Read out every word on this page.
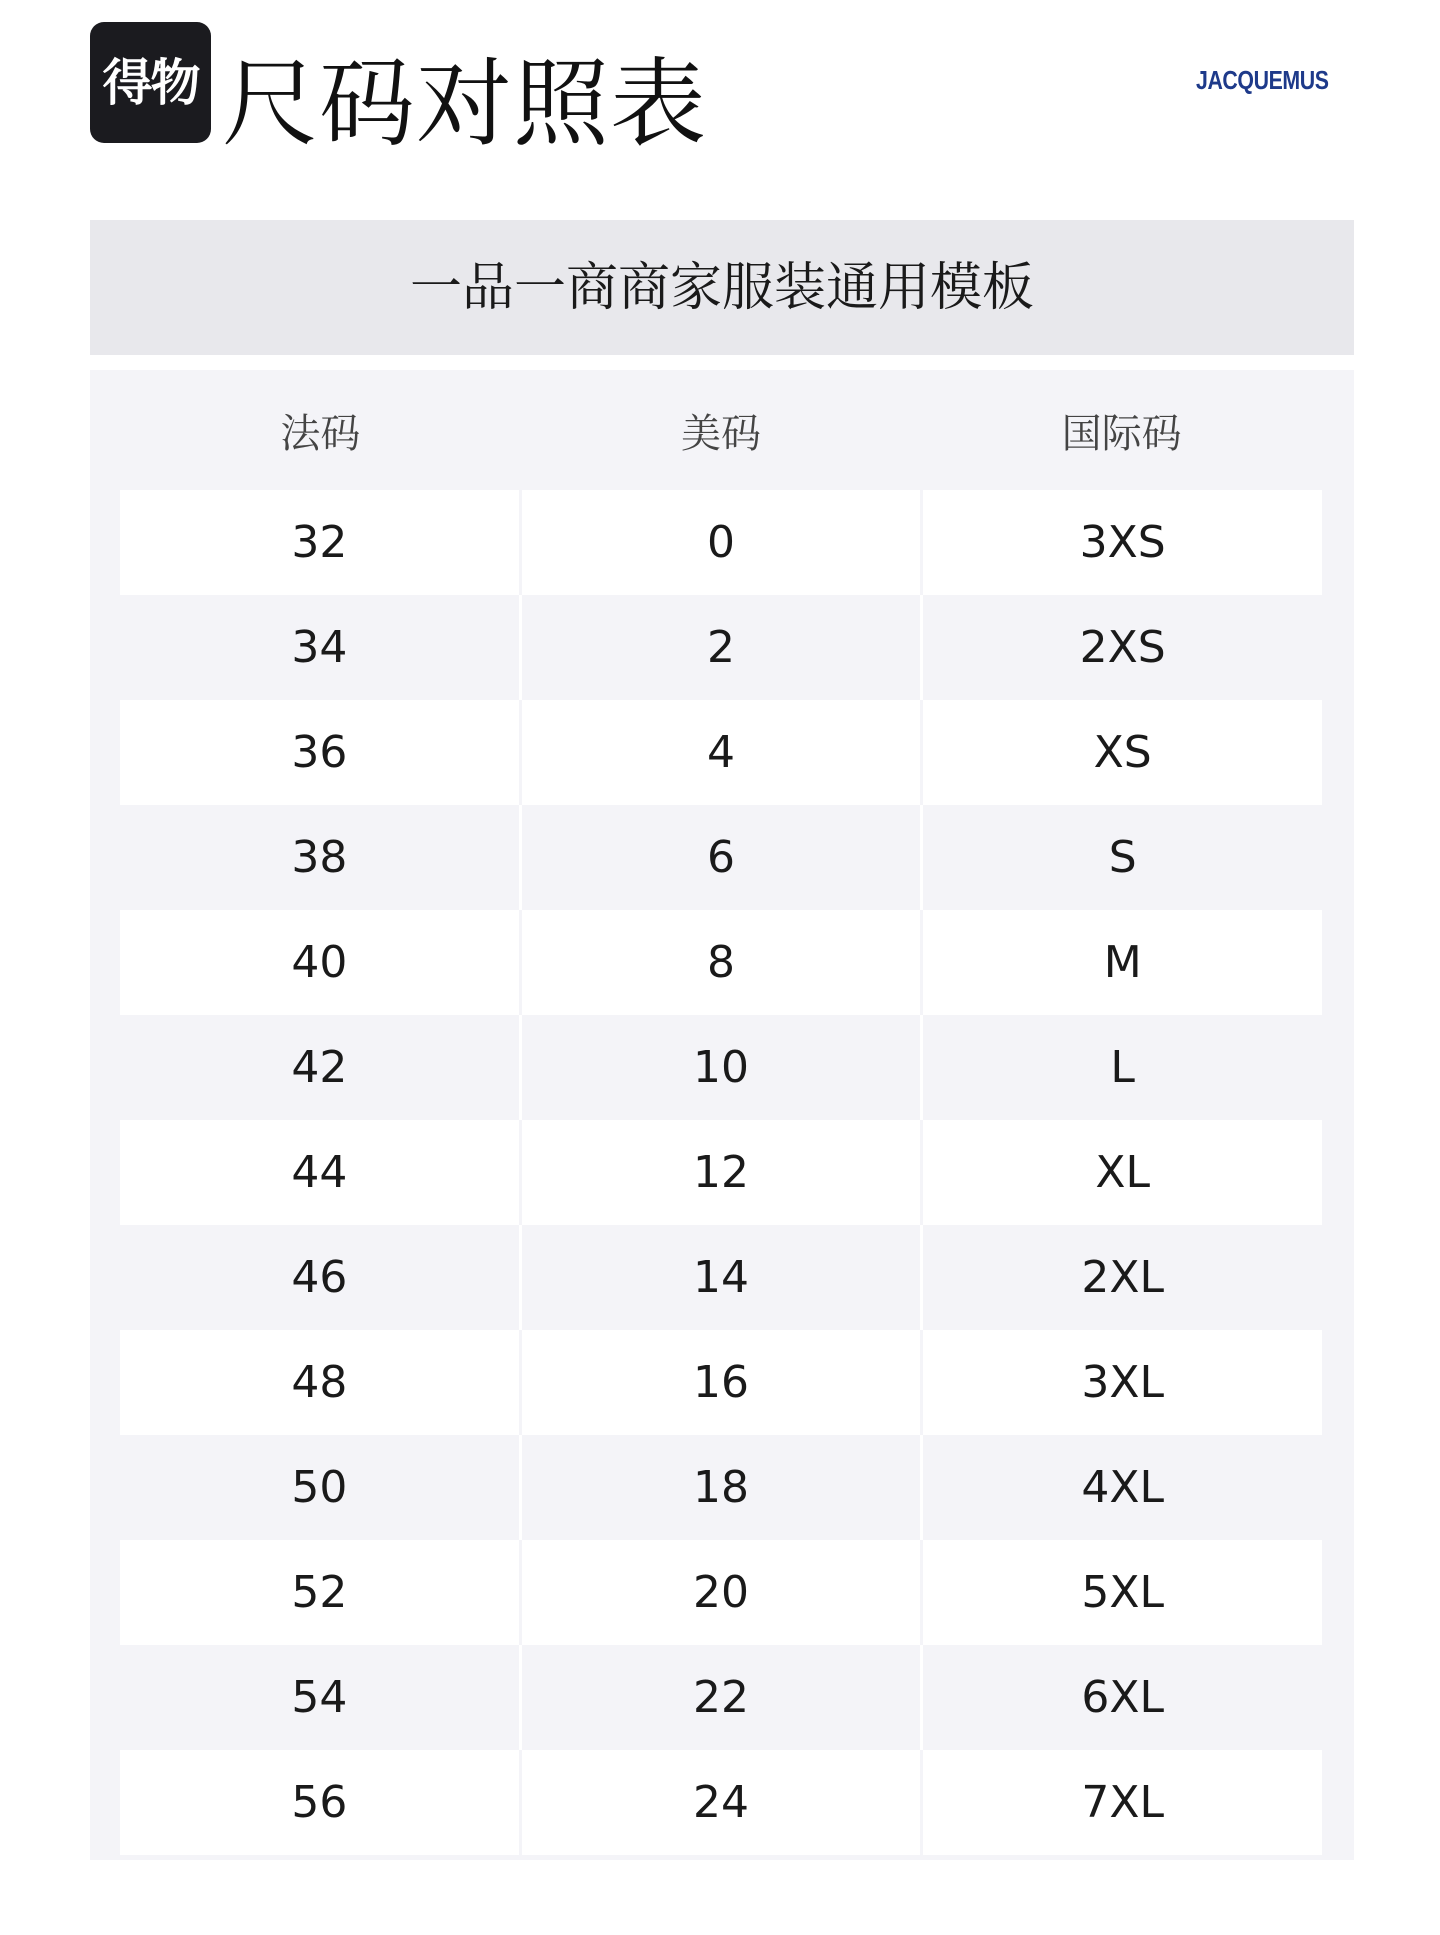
得物 尺码对照表	JACQUEMUS
一品一商商家服装通用模板
法码	美码	国际码
32	0	3XS
34	2	2XS
36	4	XS
38	6	S
40	8	M
42	10	L
44	12	XL
46	14	2XL
48	16	3XL
50	18	4XL
52	20	5XL
54	22	6XL
56	24	7XL
